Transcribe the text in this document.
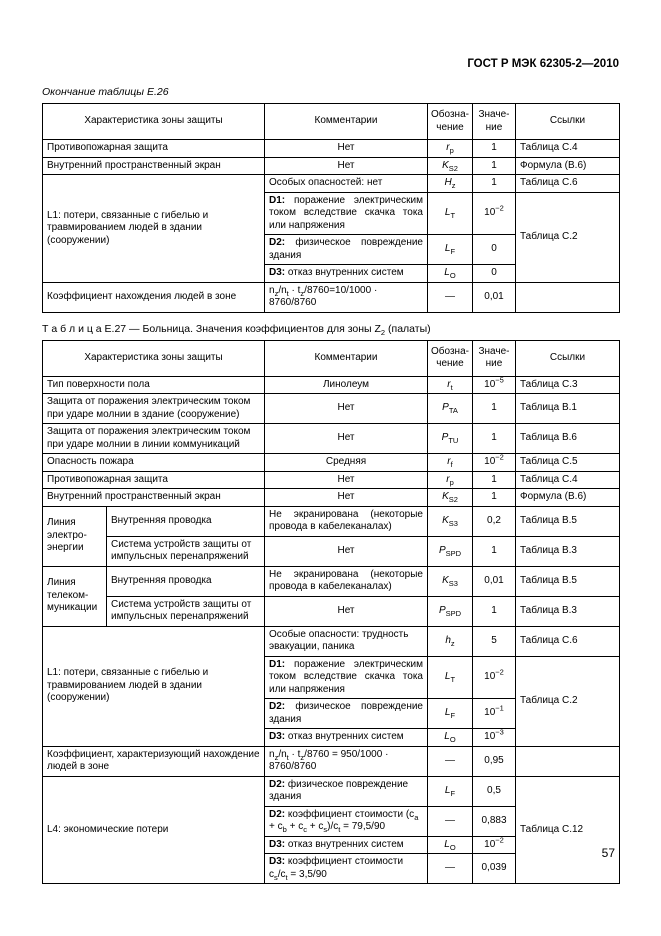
ГОСТ Р МЭК 62305-2—2010
Окончание таблицы Е.26
Характеристика зоны защиты	Комментарии	Обозна-чение	Значе-ние	Ссылки
Противопожарная защита	Нет	$r_p$	1	Таблица С.4
Внутренний пространственный экран	Нет	$K_{S2}$	1	Формула (В.6)
L1: потери, связанные с гибелью и травмированием людей в здании (сооружении)	Особых опасностей: нет	$H_z$	1	Таблица С.6
	D1: поражение электрическим током вследствие скачка тока или напряжения	$L_T$	$10^{-2}$	Таблица С.2
	D2: физическое повреждение здания	$L_F$	0	
	D3: отказ внутренних систем	$L_O$	0	
Коэффициент нахождения людей в зоне	$n_z/n_t \cdot t_z/8760=10/1000 \cdot 8760/8760$	—	0,01	
Т а б л и ц а Е.27 — Больница. Значения коэффициентов для зоны $Z_2$ (палаты)
Характеристика зоны защиты		Комментарии	Обозна-чение	Значе-ние	Ссылки
Тип поверхности пола		Линолеум	$r_t$	$10^{-5}$	Таблица С.3
Защита от поражения электрическим током при ударе молнии в здание (сооружение)		Нет	$P_{TA}$	1	Таблица В.1
Защита от поражения электрическим током при ударе молнии в линии коммуникаций		Нет	$P_{TU}$	1	Таблица В.6
Опасность пожара		Средняя	$r_f$	$10^{-2}$	Таблица С.5
Противопожарная защита		Нет	$r_p$	1	Таблица С.4
Внутренний пространственный экран		Нет	$K_{S2}$	1	Формула (В.6)
Линия электро-энергии	Внутренняя проводка	Не экранирована (некоторые провода в кабелеканалах)	$K_{S3}$	0,2	Таблица В.5
	Система устройств защиты от импульсных перенапряжений	Нет	$P_{SPD}$	1	Таблица В.3
Линия телеком-муникации	Внутренняя проводка	Не экранирована (некоторые провода в кабелеканалах)	$K_{S3}$	0,01	Таблица В.5
	Система устройств защиты от импульсных перенапряжений	Нет	$P_{SPD}$	1	Таблица В.3
L1: потери, связанные с гибелью и травмированием людей в здании (сооружении)		Особые опасности: трудность эвакуации, паника	$h_z$	5	Таблица С.6
		D1: поражение электрическим током вследствие скачка тока или напряжения	$L_T$	$10^{-2}$	Таблица С.2
		D2: физическое повреждение здания	$L_F$	$10^{-1}$
		D3: отказ внутренних систем	$L_O$	$10^{-3}$
Коэффициент, характеризующий нахождение людей в зоне		$n_z/n_t \cdot t_z/8760 = 950/1000 \cdot 8760/8760$	—	0,95	
L4: экономические потери		D2: физическое повреждение здания	$L_F$	0,5	Таблица С.12
		D2: коэффициент стоимости $(c_a + c_b + c_c + c_s)/c_t = 79,5/90$	—	0,883	
		D3: отказ внутренних систем	$L_O$	$10^{-2}$
		D3: коэффициент стоимости $c_s/c_t = 3,5/90$	—	0,039	
57
